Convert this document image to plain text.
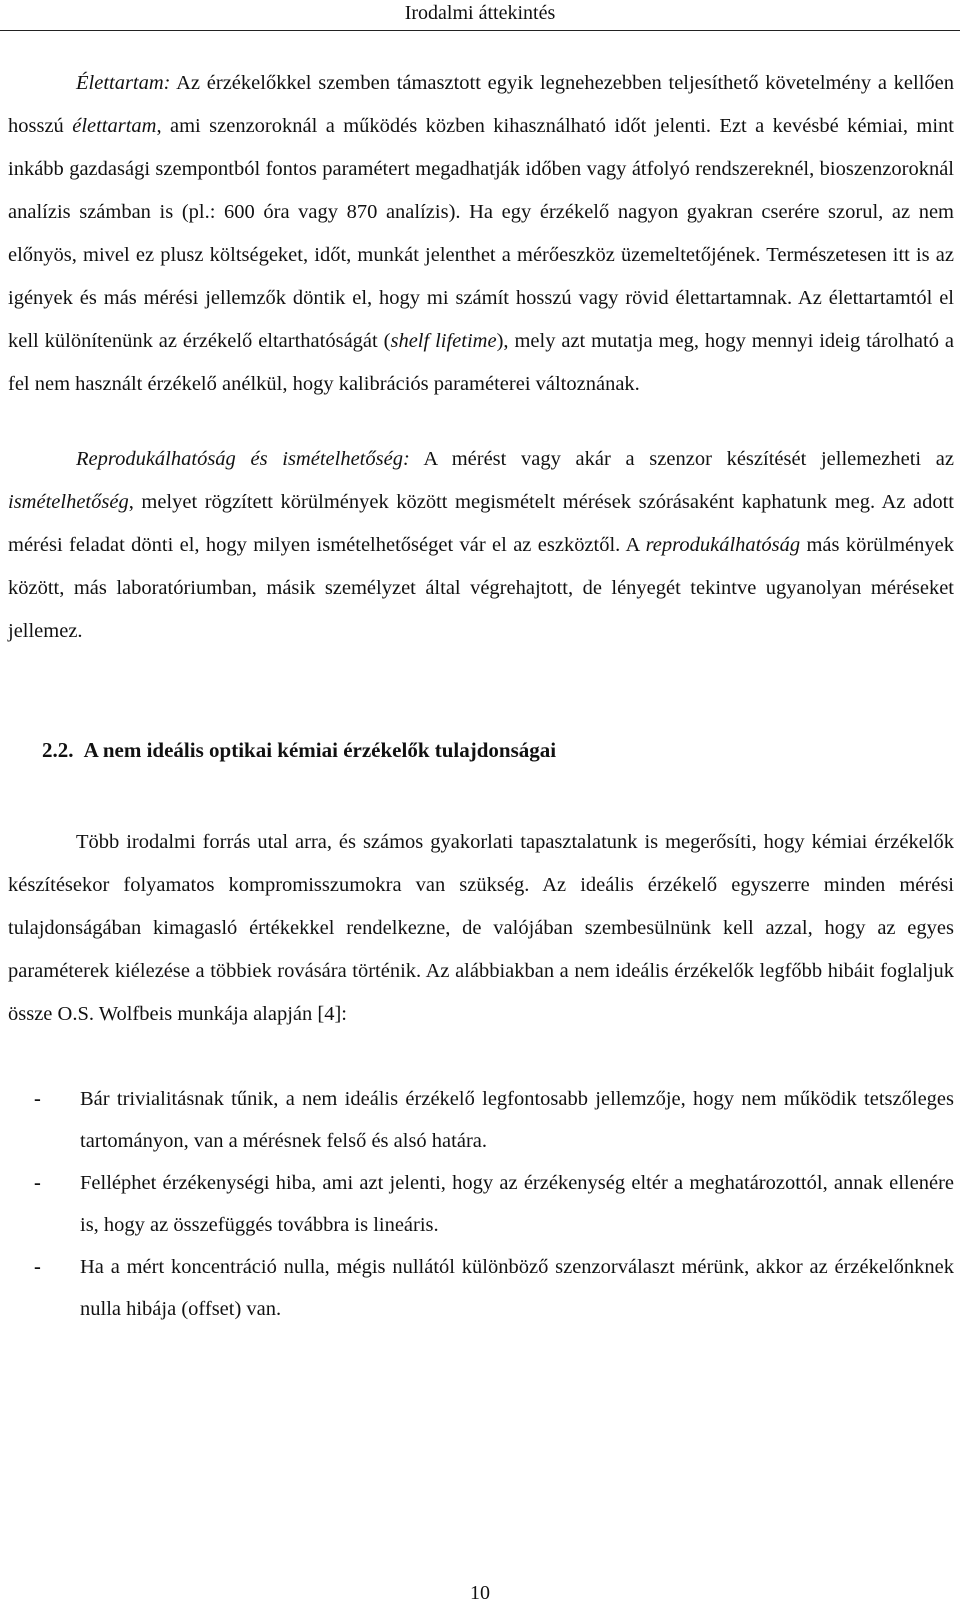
Irodalmi áttekintés

Élettartam: Az érzékelőkkel szemben támasztott egyik legnehezebben teljesíthető követelmény a kellően hosszú élettartam, ami szenzoroknál a működés közben kihasználható időt jelenti. Ezt a kevésbé kémiai, mint inkább gazdasági szempontból fontos paramétert megadhatják időben vagy átfolyó rendszereknél, bioszenzoroknál analízis számban is (pl.: 600 óra vagy 870 analízis). Ha egy érzékelő nagyon gyakran cserére szorul, az nem előnyös, mivel ez plusz költségeket, időt, munkát jelenthet a mérőeszköz üzemeltetőjének. Természetesen itt is az igények és más mérési jellemzők döntik el, hogy mi számít hosszú vagy rövid élettartamnak. Az élettartamtól el kell különítenünk az érzékelő eltarthatóságát (shelf lifetime), mely azt mutatja meg, hogy mennyi ideig tárolható a fel nem használt érzékelő anélkül, hogy kalibrációs paraméterei változnának.

Reprodukálhatóság és ismételhetőség: A mérést vagy akár a szenzor készítését jellemezheti az ismételhetőség, melyet rögzített körülmények között megismételt mérések szórásaként kaphatunk meg. Az adott mérési feladat dönti el, hogy milyen ismételhetőséget vár el az eszköztől. A reprodukálhatóság más körülmények között, más laboratóriumban, másik személyzet által végrehajtott, de lényegét tekintve ugyanolyan méréseket jellemez.

2.2. A nem ideális optikai kémiai érzékelők tulajdonságai

Több irodalmi forrás utal arra, és számos gyakorlati tapasztalatunk is megerősíti, hogy kémiai érzékelők készítésekor folyamatos kompromisszumokra van szükség. Az ideális érzékelő egyszerre minden mérési tulajdonságában kimagasló értékekkel rendelkezne, de valójában szembesülnünk kell azzal, hogy az egyes paraméterek kiélezése a többiek rovására történik. Az alábbiakban a nem ideális érzékelők legfőbb hibáit foglaljuk össze O.S. Wolfbeis munkája alapján [4]:

- Bár trivialitásnak tűnik, a nem ideális érzékelő legfontosabb jellemzője, hogy nem működik tetszőleges tartományon, van a mérésnek felső és alsó határa.
- Felléphet érzékenységi hiba, ami azt jelenti, hogy az érzékenység eltér a meghatározottól, annak ellenére is, hogy az összefüggés továbbra is lineáris.
- Ha a mért koncentráció nulla, mégis nullától különböző szenzorválaszt mérünk, akkor az érzékelőnknek nulla hibája (offset) van.
10
